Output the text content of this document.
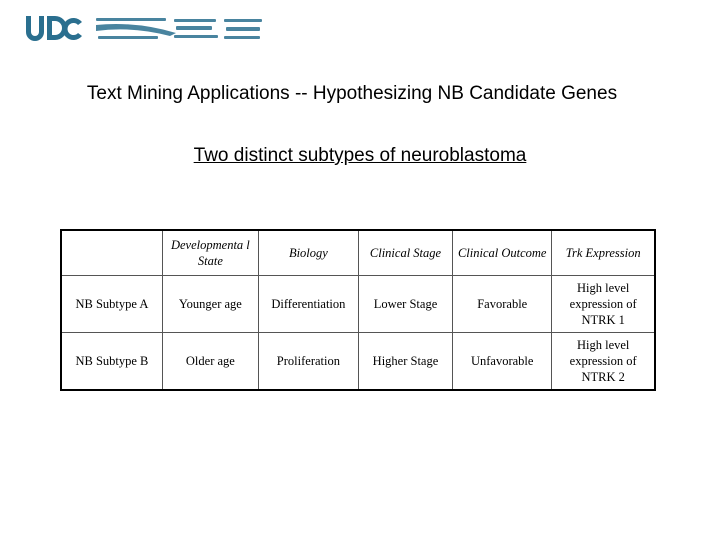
Text Mining Applications -- Hypothesizing NB Candidate Genes
Two distinct subtypes of neuroblastoma
	Developmenta l State	Biology	Clinical Stage	Clinical Outcome	Trk Expression
NB Subtype A	Younger age	Differentiation	Lower Stage	Favorable	High level expression of NTRK 1
NB Subtype B	Older age	Proliferation	Higher Stage	Unfavorable	High level expression of NTRK 2
